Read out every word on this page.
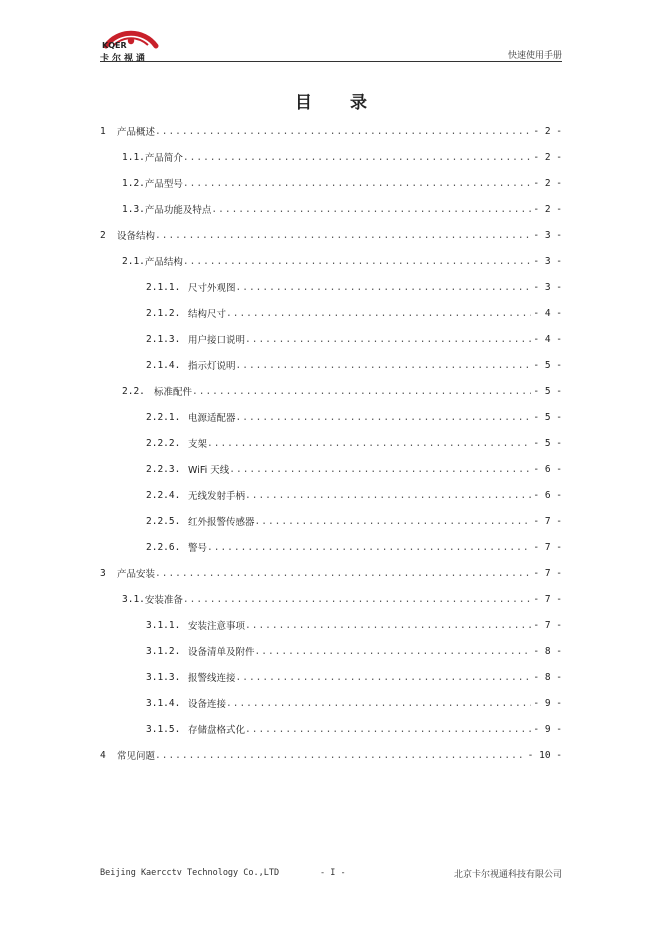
KQER
卡尔视通	快速使用手册
目 录
1	产品概述 .....	- 2 -
1.1. 产品简介 .....	- 2 -
1.2. 产品型号 .....	- 2 -
1.3. 产品功能及特点 .....	- 2 -
2	设备结构 .....	- 3 -
2.1. 产品结构 .....	- 3 -
2.1.1. 尺寸外观图 .....	- 3 -
2.1.2. 结构尺寸 .....	- 4 -
2.1.3. 用户接口说明 .....	- 4 -
2.1.4. 指示灯说明 .....	- 5 -
2.2. 标准配件 .....	- 5 -
2.2.1. 电源适配器 .....	- 5 -
2.2.2. 支架 .....	- 5 -
2.2.3. WiFi 天线 .....	- 6 -
2.2.4. 无线发射手柄 .....	- 6 -
2.2.5. 红外报警传感器 .....	- 7 -
2.2.6. 警号 .....	- 7 -
3	产品安装 .....	- 7 -
3.1. 安装准备 .....	- 7 -
3.1.1. 安装注意事项 .....	- 7 -
3.1.2. 设备清单及附件 .....	- 8 -
3.1.3. 报警线连接 .....	- 8 -
3.1.4. 设备连接 .....	- 9 -
3.1.5. 存储盘格式化 .....	- 9 -
4	常见问题 .....	- 10 -
Beijing Kaercctv Technology Co.,LTD	- I -	北京卡尔视通科技有限公司
